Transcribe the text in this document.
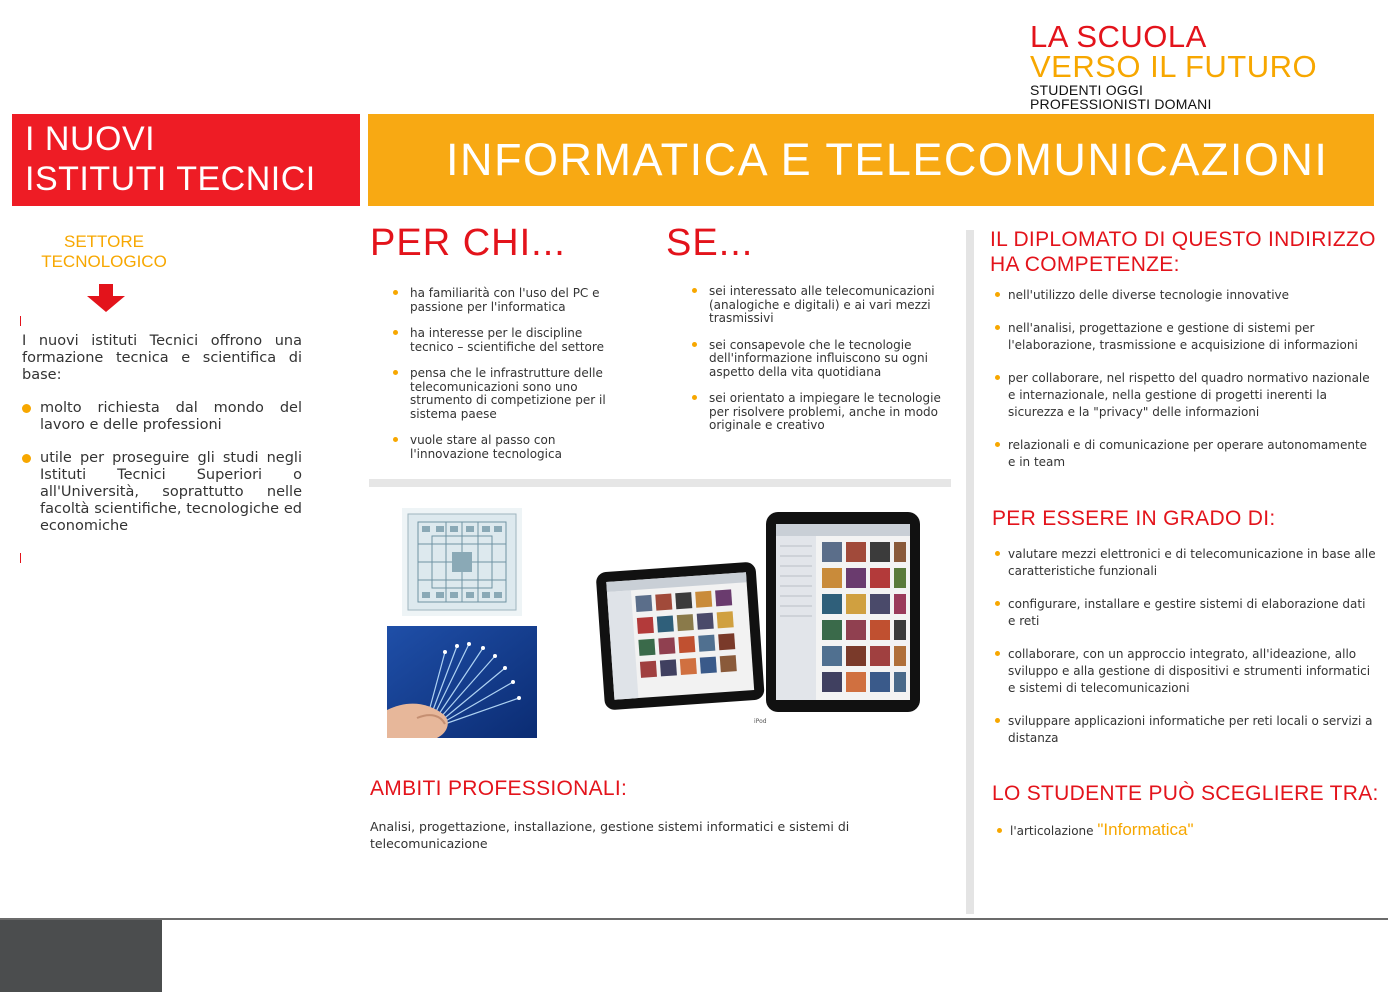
LA SCUOLA
VERSO IL FUTURO
STUDENTI OGGI
PROFESSIONISTI DOMANI
I NUOVI
ISTITUTI TECNICI	INFORMATICA E TELECOMUNICAZIONI
SETTORE
TECNOLOGICO
I nuovi istituti Tecnici offrono una formazione tecnica e scientifica di base:
molto richiesta dal mondo del lavoro e delle professioni
utile per proseguire gli studi negli Istituti Tecnici Superiori o all'Università, soprattutto nelle facoltà scientifiche, tecnologiche ed economiche
PER CHI...
ha familiarità con l'uso del PC e passione per l'informatica
ha interesse per le discipline tecnico – scientifiche del settore
pensa che le infrastrutture delle telecomunicazioni sono uno strumento di competizione per il sistema paese
vuole stare al passo con l'innovazione tecnologica
SE...
sei interessato alle telecomunicazioni (analogiche e digitali) e ai vari mezzi trasmissivi
sei consapevole che le tecnologie dell'informazione influiscono su ogni aspetto della vita quotidiana
sei orientato a impiegare le tecnologie per risolvere problemi, anche in modo originale e creativo
iPod
AMBITI PROFESSIONALI:
Analisi, progettazione, installazione, gestione sistemi informatici e sistemi di telecomunicazione
IL DIPLOMATO DI QUESTO INDIRIZZO
HA COMPETENZE:
nell'utilizzo delle diverse tecnologie innovative
nell'analisi, progettazione e gestione di sistemi per l'elaborazione, trasmissione e acquisizione di informazioni
per collaborare, nel rispetto del quadro normativo nazionale e internazionale, nella gestione di progetti inerenti la sicurezza e la "privacy" delle informazioni
relazionali e di comunicazione per operare autonomamente e in team
PER ESSERE IN GRADO DI:
valutare mezzi elettronici e di telecomunicazione in base alle caratteristiche funzionali
configurare, installare e gestire sistemi di elaborazione dati e reti
collaborare, con un approccio integrato, all'ideazione, allo sviluppo e alla gestione di dispositivi e strumenti informatici e sistemi di telecomunicazioni
sviluppare applicazioni informatiche per reti locali o servizi a distanza
LO STUDENTE PUÒ SCEGLIERE TRA:
l'articolazione "Informatica"
